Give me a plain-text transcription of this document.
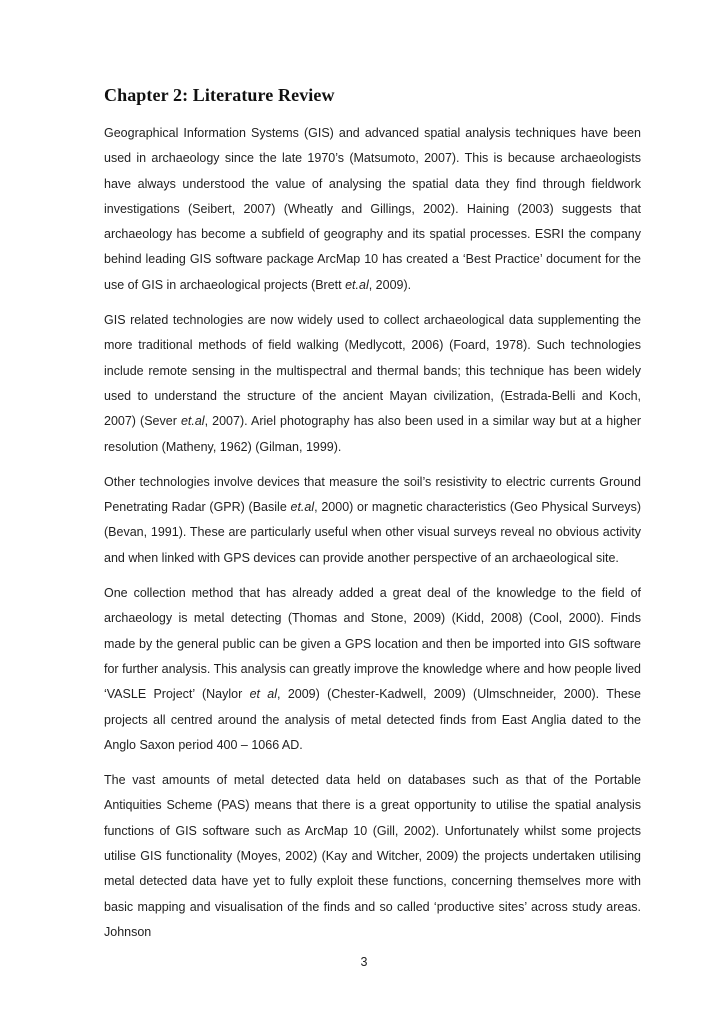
Chapter 2: Literature Review

Geographical Information Systems (GIS) and advanced spatial analysis techniques have been used in archaeology since the late 1970’s (Matsumoto, 2007). This is because archaeologists have always understood the value of analysing the spatial data they find through fieldwork investigations (Seibert, 2007) (Wheatly and Gillings, 2002). Haining (2003) suggests that archaeology has become a subfield of geography and its spatial processes. ESRI the company behind leading GIS software package ArcMap 10 has created a ‘Best Practice’ document for the use of GIS in archaeological projects (Brett et.al, 2009).

GIS related technologies are now widely used to collect archaeological data supplementing the more traditional methods of field walking (Medlycott, 2006) (Foard, 1978). Such technologies include remote sensing in the multispectral and thermal bands; this technique has been widely used to understand the structure of the ancient Mayan civilization, (Estrada-Belli and Koch, 2007) (Sever et.al, 2007). Ariel photography has also been used in a similar way but at a higher resolution (Matheny, 1962) (Gilman, 1999).

Other technologies involve devices that measure the soil’s resistivity to electric currents Ground Penetrating Radar (GPR) (Basile et.al, 2000) or magnetic characteristics (Geo Physical Surveys) (Bevan, 1991). These are particularly useful when other visual surveys reveal no obvious activity and when linked with GPS devices can provide another perspective of an archaeological site.

One collection method that has already added a great deal of the knowledge to the field of archaeology is metal detecting (Thomas and Stone, 2009) (Kidd, 2008) (Cool, 2000). Finds made by the general public can be given a GPS location and then be imported into GIS software for further analysis. This analysis can greatly improve the knowledge where and how people lived ‘VASLE Project’ (Naylor et al, 2009) (Chester-Kadwell, 2009) (Ulmschneider, 2000). These projects all centred around the analysis of metal detected finds from East Anglia dated to the Anglo Saxon period 400 – 1066 AD.

The vast amounts of metal detected data held on databases such as that of the Portable Antiquities Scheme (PAS) means that there is a great opportunity to utilise the spatial analysis functions of GIS software such as ArcMap 10 (Gill, 2002). Unfortunately whilst some projects utilise GIS functionality (Moyes, 2002) (Kay and Witcher, 2009) the projects undertaken utilising metal detected data have yet to fully exploit these functions, concerning themselves more with basic mapping and visualisation of the finds and so called ‘productive sites’ across study areas. Johnson

3
